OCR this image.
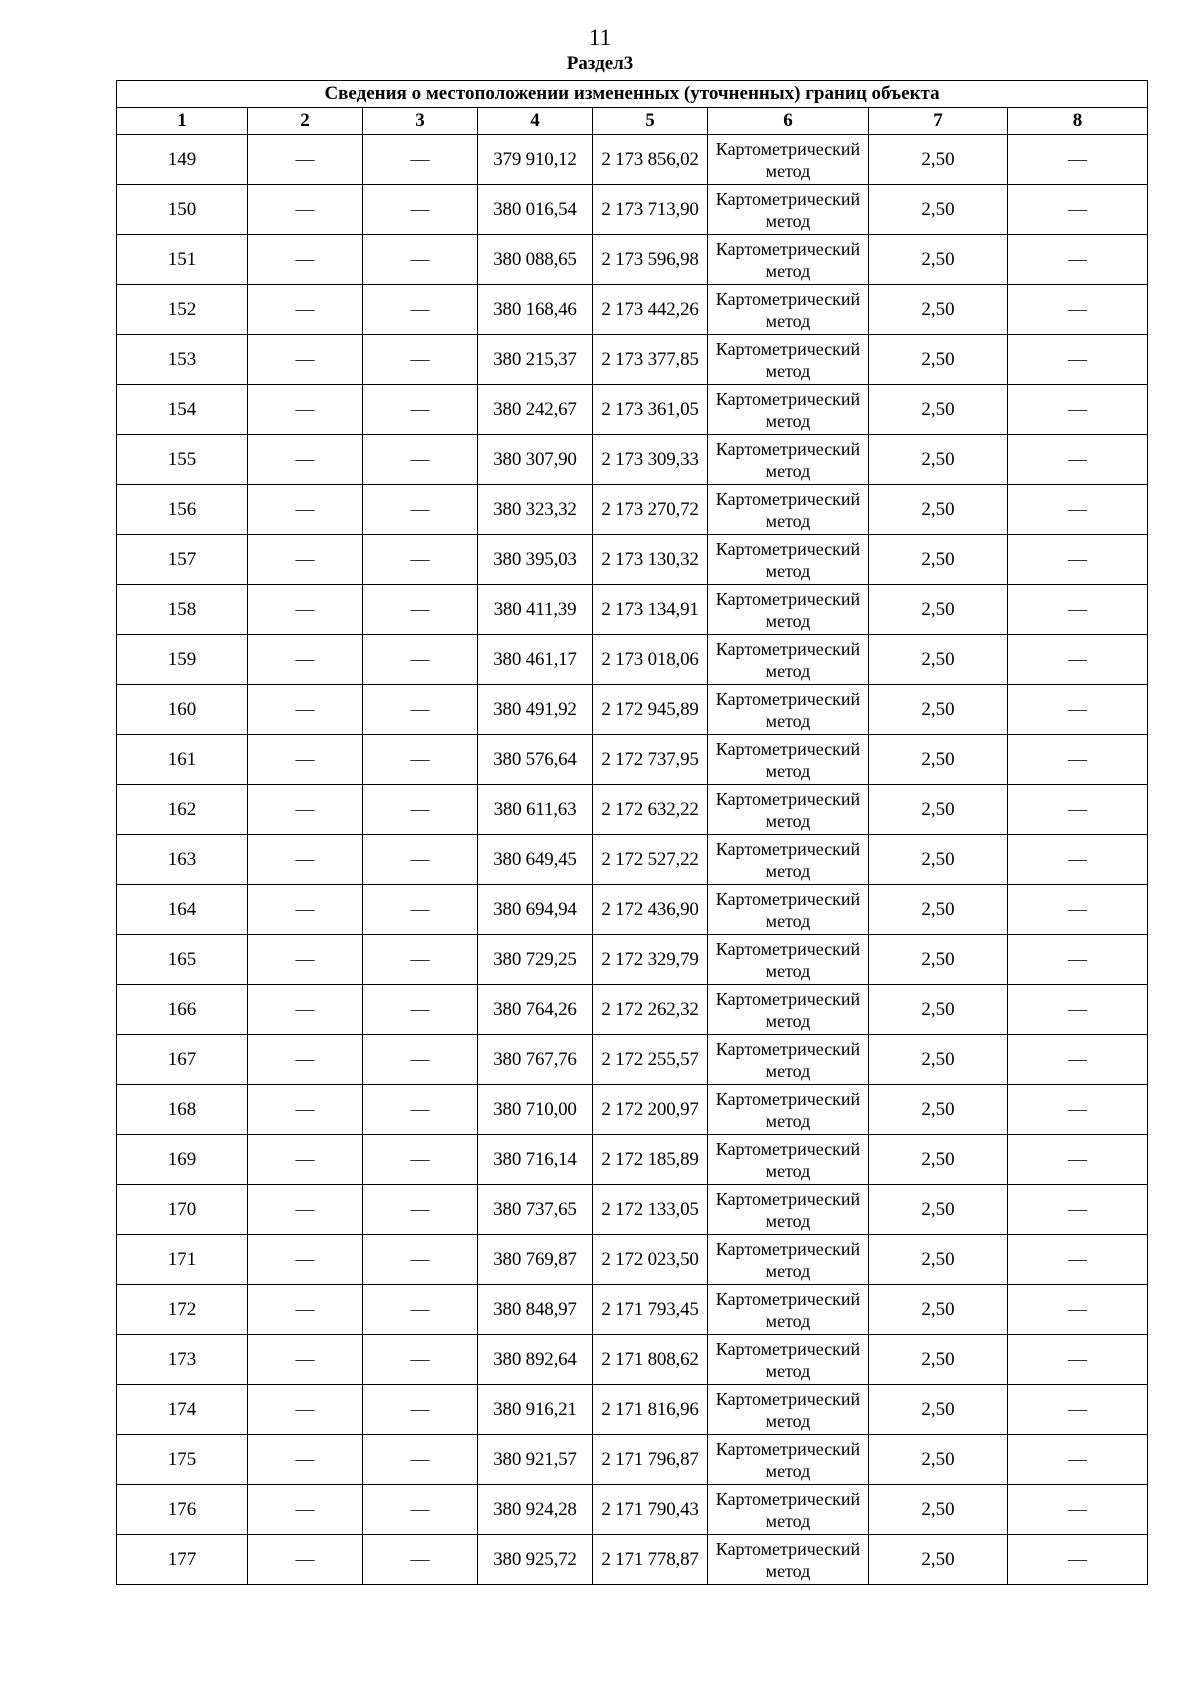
11
Раздел3
Сведения о местоположении измененных (уточненных) границ объекта							
1	2	3	4	5	6	7	8
149	—	—	379 910,12	2 173 856,02	Картометрический метод	2,50	—
150	—	—	380 016,54	2 173 713,90	Картометрический метод	2,50	—
151	—	—	380 088,65	2 173 596,98	Картометрический метод	2,50	—
152	—	—	380 168,46	2 173 442,26	Картометрический метод	2,50	—
153	—	—	380 215,37	2 173 377,85	Картометрический метод	2,50	—
154	—	—	380 242,67	2 173 361,05	Картометрический метод	2,50	—
155	—	—	380 307,90	2 173 309,33	Картометрический метод	2,50	—
156	—	—	380 323,32	2 173 270,72	Картометрический метод	2,50	—
157	—	—	380 395,03	2 173 130,32	Картометрический метод	2,50	—
158	—	—	380 411,39	2 173 134,91	Картометрический метод	2,50	—
159	—	—	380 461,17	2 173 018,06	Картометрический метод	2,50	—
160	—	—	380 491,92	2 172 945,89	Картометрический метод	2,50	—
161	—	—	380 576,64	2 172 737,95	Картометрический метод	2,50	—
162	—	—	380 611,63	2 172 632,22	Картометрический метод	2,50	—
163	—	—	380 649,45	2 172 527,22	Картометрический метод	2,50	—
164	—	—	380 694,94	2 172 436,90	Картометрический метод	2,50	—
165	—	—	380 729,25	2 172 329,79	Картометрический метод	2,50	—
166	—	—	380 764,26	2 172 262,32	Картометрический метод	2,50	—
167	—	—	380 767,76	2 172 255,57	Картометрический метод	2,50	—
168	—	—	380 710,00	2 172 200,97	Картометрический метод	2,50	—
169	—	—	380 716,14	2 172 185,89	Картометрический метод	2,50	—
170	—	—	380 737,65	2 172 133,05	Картометрический метод	2,50	—
171	—	—	380 769,87	2 172 023,50	Картометрический метод	2,50	—
172	—	—	380 848,97	2 171 793,45	Картометрический метод	2,50	—
173	—	—	380 892,64	2 171 808,62	Картометрический метод	2,50	—
174	—	—	380 916,21	2 171 816,96	Картометрический метод	2,50	—
175	—	—	380 921,57	2 171 796,87	Картометрический метод	2,50	—
176	—	—	380 924,28	2 171 790,43	Картометрический метод	2,50	—
177	—	—	380 925,72	2 171 778,87	Картометрический метод	2,50	—
